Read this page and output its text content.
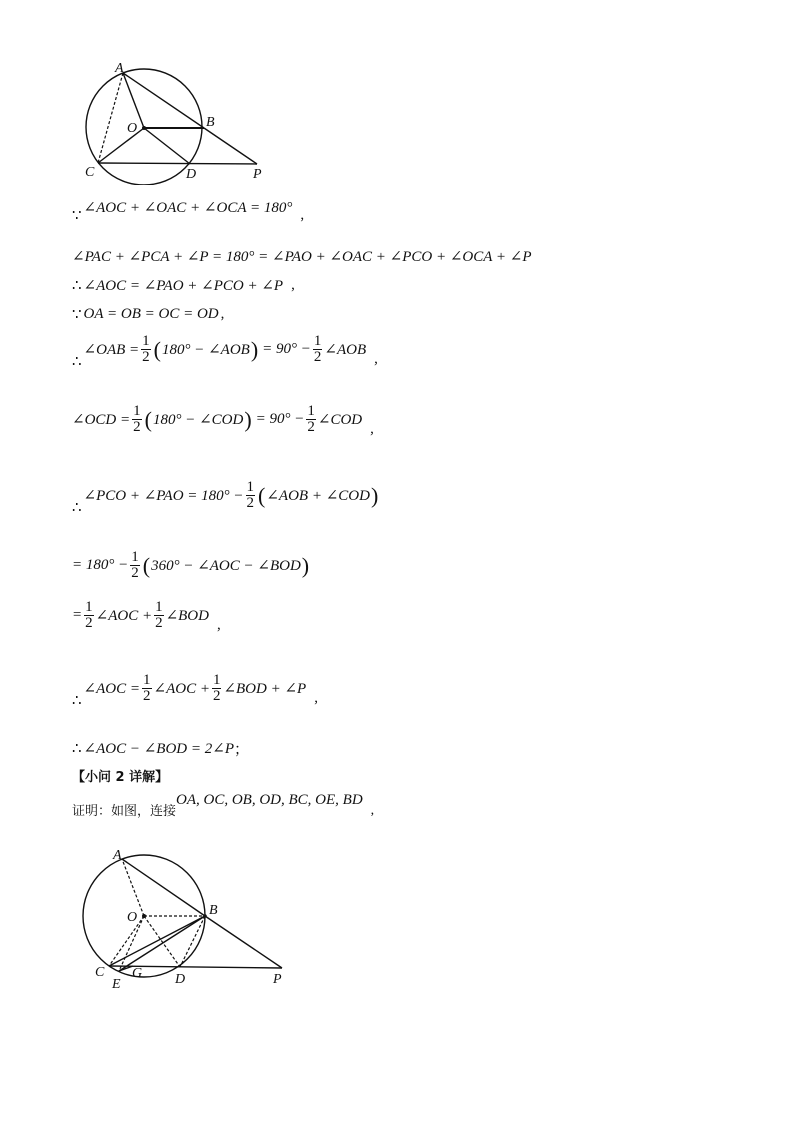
A
O	B
C	D	P
∵ ∠AOC + ∠OAC + ∠OCA = 180° ,
∠PAC + ∠PCA + ∠P = 180° = ∠PAO + ∠OAC + ∠PCO + ∠OCA + ∠P
∴ ∠AOC = ∠PAO + ∠PCO + ∠P ,
∵ OA = OB = OC = OD ,
∴
∠OAB = $\frac{1}{2}$ ( 180° − ∠AOB ) = $90^\circ - \frac{1}{2}$ ∠AOB
,
∠OCD = $\frac{1}{2}$ ( 180° − ∠COD ) = $90^\circ - \frac{1}{2}$ ∠COD
,
∴
∠PCO + ∠PAO = $180^\circ - \frac{1}{2}$ ( ∠AOB + ∠COD )
= $180^\circ - \frac{1}{2}$ ( 360° − ∠AOC − ∠BOD )
= $\frac{1}{2}$ ∠AOC + $\frac{1}{2}$ ∠BOD
,
∴
∠AOC = $\frac{1}{2}$ ∠AOC + $\frac{1}{2}$ ∠BOD + ∠P
,
∴ ∠AOC − ∠BOD = 2∠P ；
【小问 2 详解】
证明：如图，连接
OA, OC, OB, OD, BC, OE, BD
,
A
O	B
C G
E	D	P
